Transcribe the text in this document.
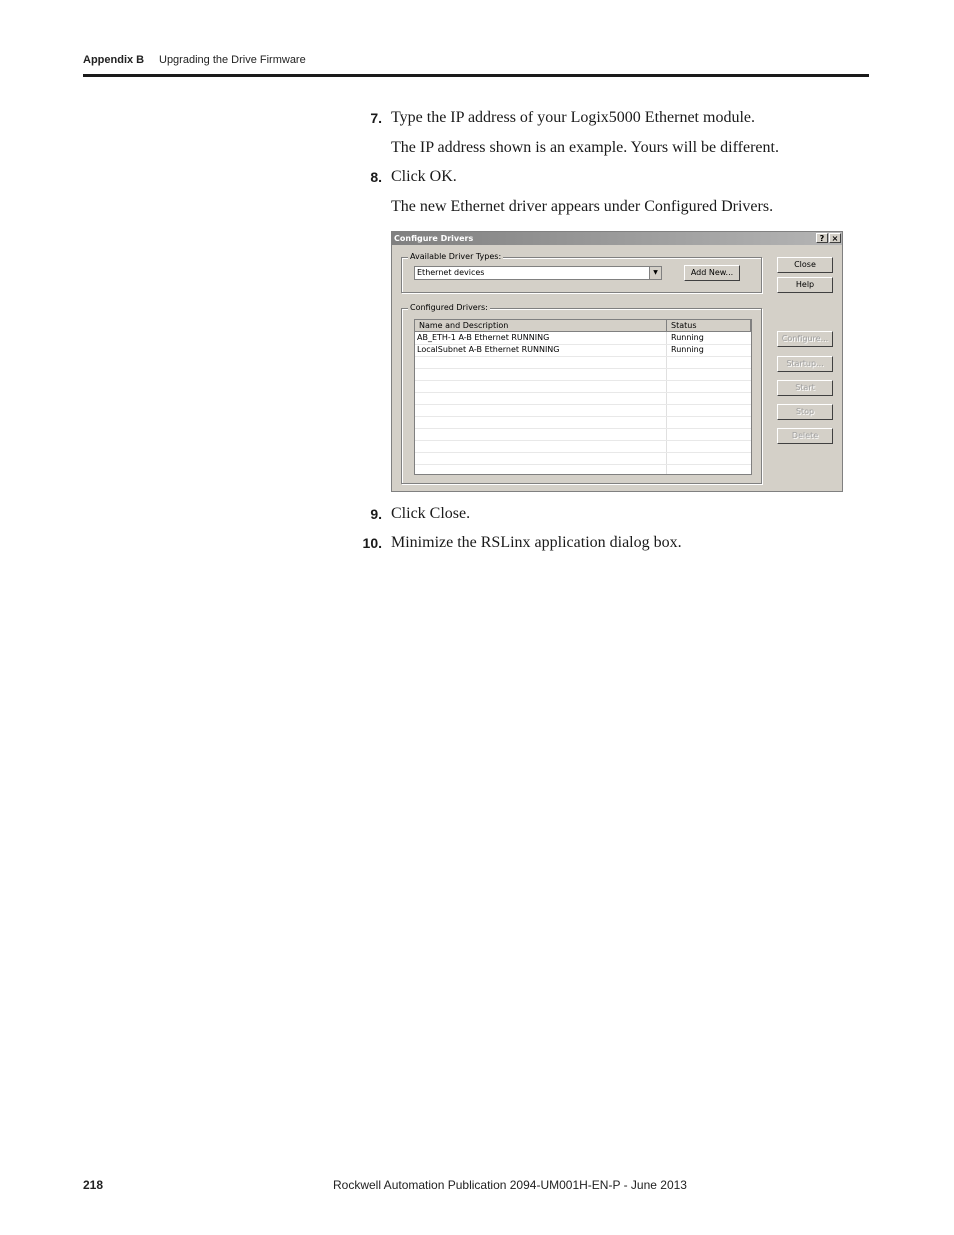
Appendix B Upgrading the Drive Firmware
7. Type the IP address of your Logix5000 Ethernet module.
The IP address shown is an example. Yours will be different.
8. Click OK.
The new Ethernet driver appears under Configured Drivers.
Configure Drivers	? ×
Available Driver Types:
Ethernet devices	▼	Add New...
Close
Help
Configured Drivers:
Name and Description	Status
AB_ETH-1 A-B Ethernet RUNNING	Running
LocalSubnet A-B Ethernet RUNNING	Running
Configure...
Startup...
Start
Stop
Delete
9. Click Close.
10. Minimize the RSLinx application dialog box.
218	Rockwell Automation Publication 2094-UM001H-EN-P - June 2013
